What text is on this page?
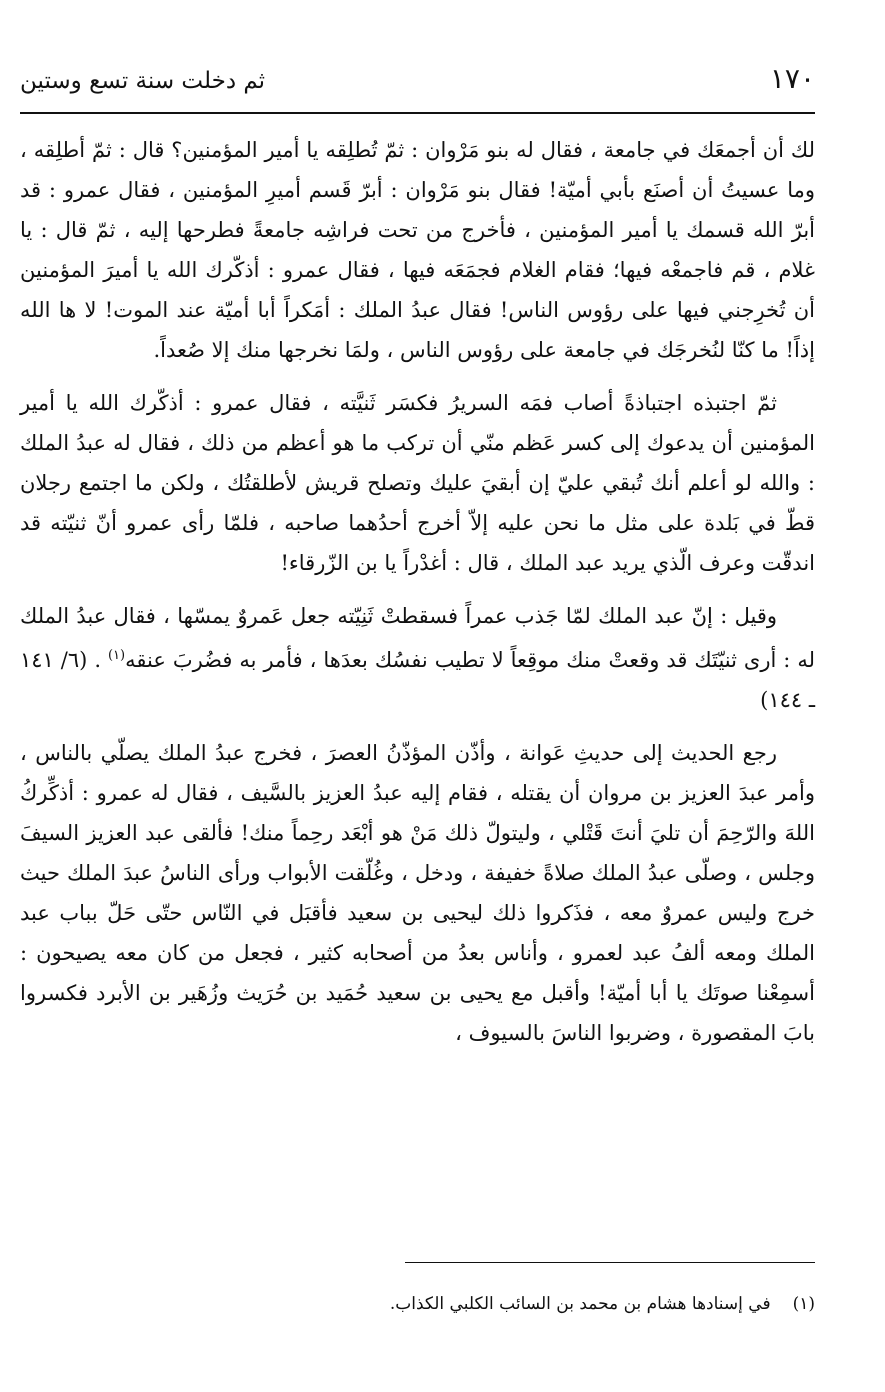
١٧٠
ثم دخلت سنة تسع وستين

لك أن أجمعَك في جامعة ، فقال له بنو مَرْوان : ثمّ تُطلِقه يا أمير المؤمنين؟ قال : ثمّ أطلِقه ، وما عسيتُ أن أصنَع بأبي أميّة! فقال بنو مَرْوان : أبرّ قَسم أميرِ المؤمنين ، فقال عمرو : قد أبرّ الله قسمك يا أمير المؤمنين ، فأخرج من تحت فراشِه جامعةً فطرحها إليه ، ثمّ قال : يا غلام ، قم فاجمعْه فيها؛ فقام الغلام فجمَعَه فيها ، فقال عمرو : أذكّرك الله يا أميرَ المؤمنين أن تُخرِجني فيها على رؤوس الناس! فقال عبدُ الملك : أمَكراً أبا أميّة عند الموت! لا ها الله إذاً! ما كنّا لنُخرجَك في جامعة على رؤوس الناس ، ولمَا نخرجها منك إلا صُعداً.

ثمّ اجتبذه اجتباذةً أصاب فمَه السريرُ فكسَر ثَنيَّته ، فقال عمرو : أذكّرك الله يا أمير المؤمنين أن يدعوك إلى كسر عَظم منّي أن تركب ما هو أعظم من ذلك ، فقال له عبدُ الملك : والله لو أعلم أنك تُبقي عليّ إن أبقيَ عليك وتصلح قريش لأطلقتُك ، ولكن ما اجتمع رجلان قطّ في بَلدة على مثل ما نحن عليه إلاّ أخرج أحدُهما صاحبه ، فلمّا رأى عمرو أنّ ثنيّته قد اندقّت وعرف الّذي يريد عبد الملك ، قال : أغدْراً يا بن الزّرقاء!

وقيل : إنّ عبد الملك لمّا جَذب عمراً فسقطتْ ثَنِيّته جعل عَمروٌ يمسّها ، فقال عبدُ الملك له : أرى ثنيّتَك قد وقعتْ منك موقِعاً لا تطيب نفسُك بعدَها ، فأمر به فضُربَ عنقه$^{(١)}$ . (٦/ ١٤١ ـ ١٤٤)

رجع الحديث إلى حديثِ عَوانة ، وأذّن المؤذّنُ العصرَ ، فخرج عبدُ الملك يصلّي بالناس ، وأمر عبدَ العزيز بن مروان أن يقتله ، فقام إليه عبدُ العزيز بالسَّيف ، فقال له عمرو : أذكِّركُ اللهَ والرّحِمَ أن تليَ أنتَ قَتْلي ، وليتولّ ذلك مَنْ هو أبْعَد رحِماً منك! فألقى عبد العزيز السيفَ وجلس ، وصلّى عبدُ الملك صلاةً خفيفة ، ودخل ، وغُلّقت الأبواب ورأى الناسُ عبدَ الملك حيث خرج وليس عمروٌ معه ، فذَكروا ذلك ليحيى بن سعيد فأقبَل في النّاس حتّى حَلّ بباب عبد الملك ومعه ألفُ عبد لعمرو ، وأناس بعدُ من أصحابه كثير ، فجعل من كان معه يصيحون : أسمِعْنا صوتَك يا أبا أميّة! وأقبل مع يحيى بن سعيد حُمَيد بن حُرَيث وزُهَير بن الأبرد فكسروا بابَ المقصورة ، وضربوا الناسَ بالسيوف ،

(١)في إسنادها هشام بن محمد بن السائب الكلبي الكذاب.
